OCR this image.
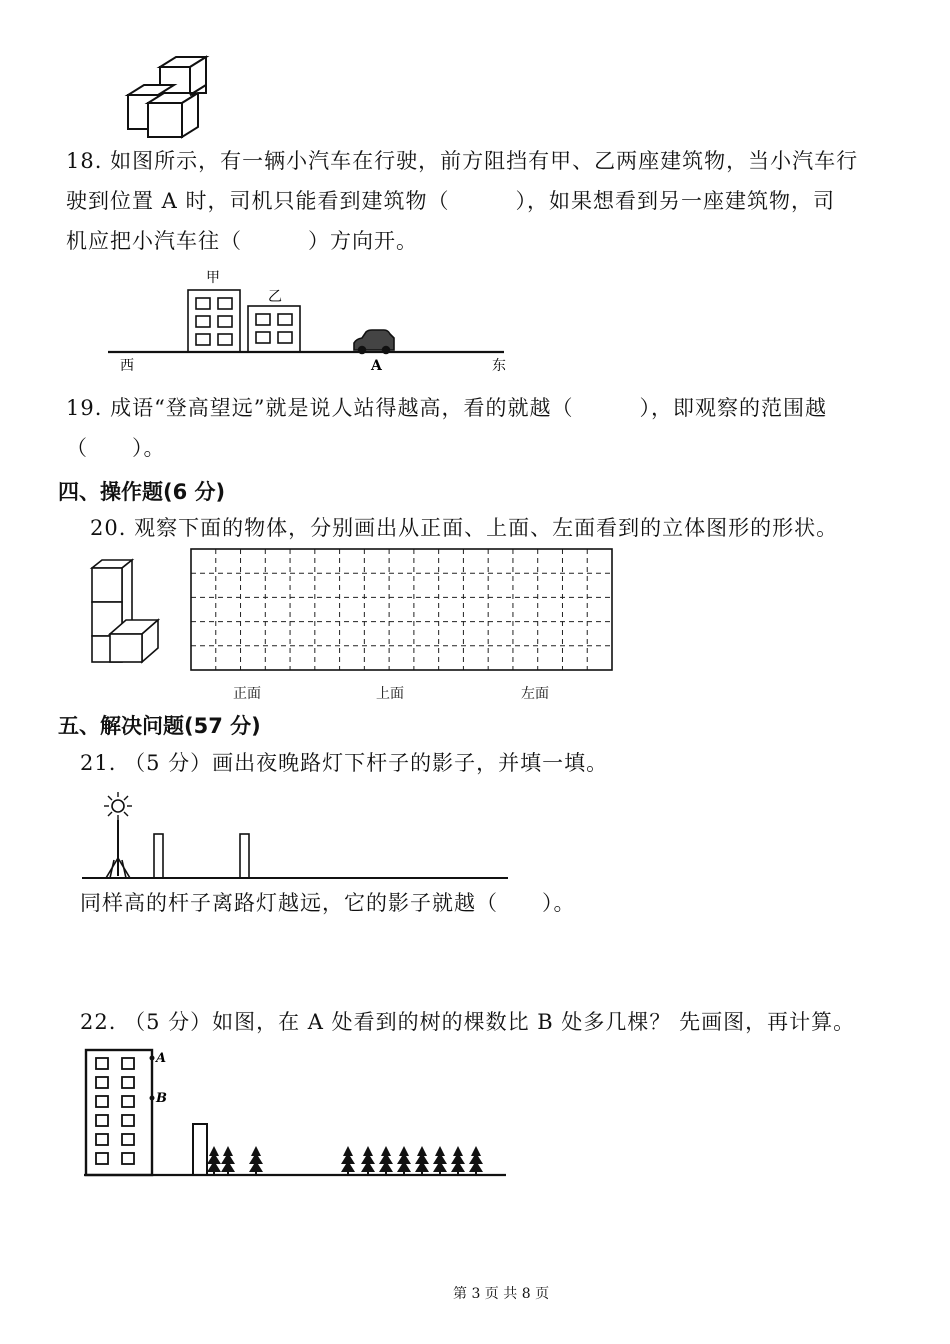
18. 如图所示，有一辆小汽车在行驶，前方阻挡有甲、乙两座建筑物，当小汽车行
驶到位置 A 时，司机只能看到建筑物（　　　），如果想看到另一座建筑物，司
机应把小汽车往（　　　）方向开。
甲
乙
西	A	东
19. 成语“登高望远”就是说人站得越高，看的就越（　　　），即观察的范围越
（　　）。
四、操作题(6 分)
20. 观察下面的物体，分别画出从正面、上面、左面看到的立体图形的形状。
正面	上面	左面
五、解决问题(57 分)
21. （5 分）画出夜晚路灯下杆子的影子，并填一填。
同样高的杆子离路灯越远，它的影子就越（　　）。
22. （5 分）如图，在 A 处看到的树的棵数比 B 处多几棵？ 先画图，再计算。
A
B
第 3 页 共 8 页
